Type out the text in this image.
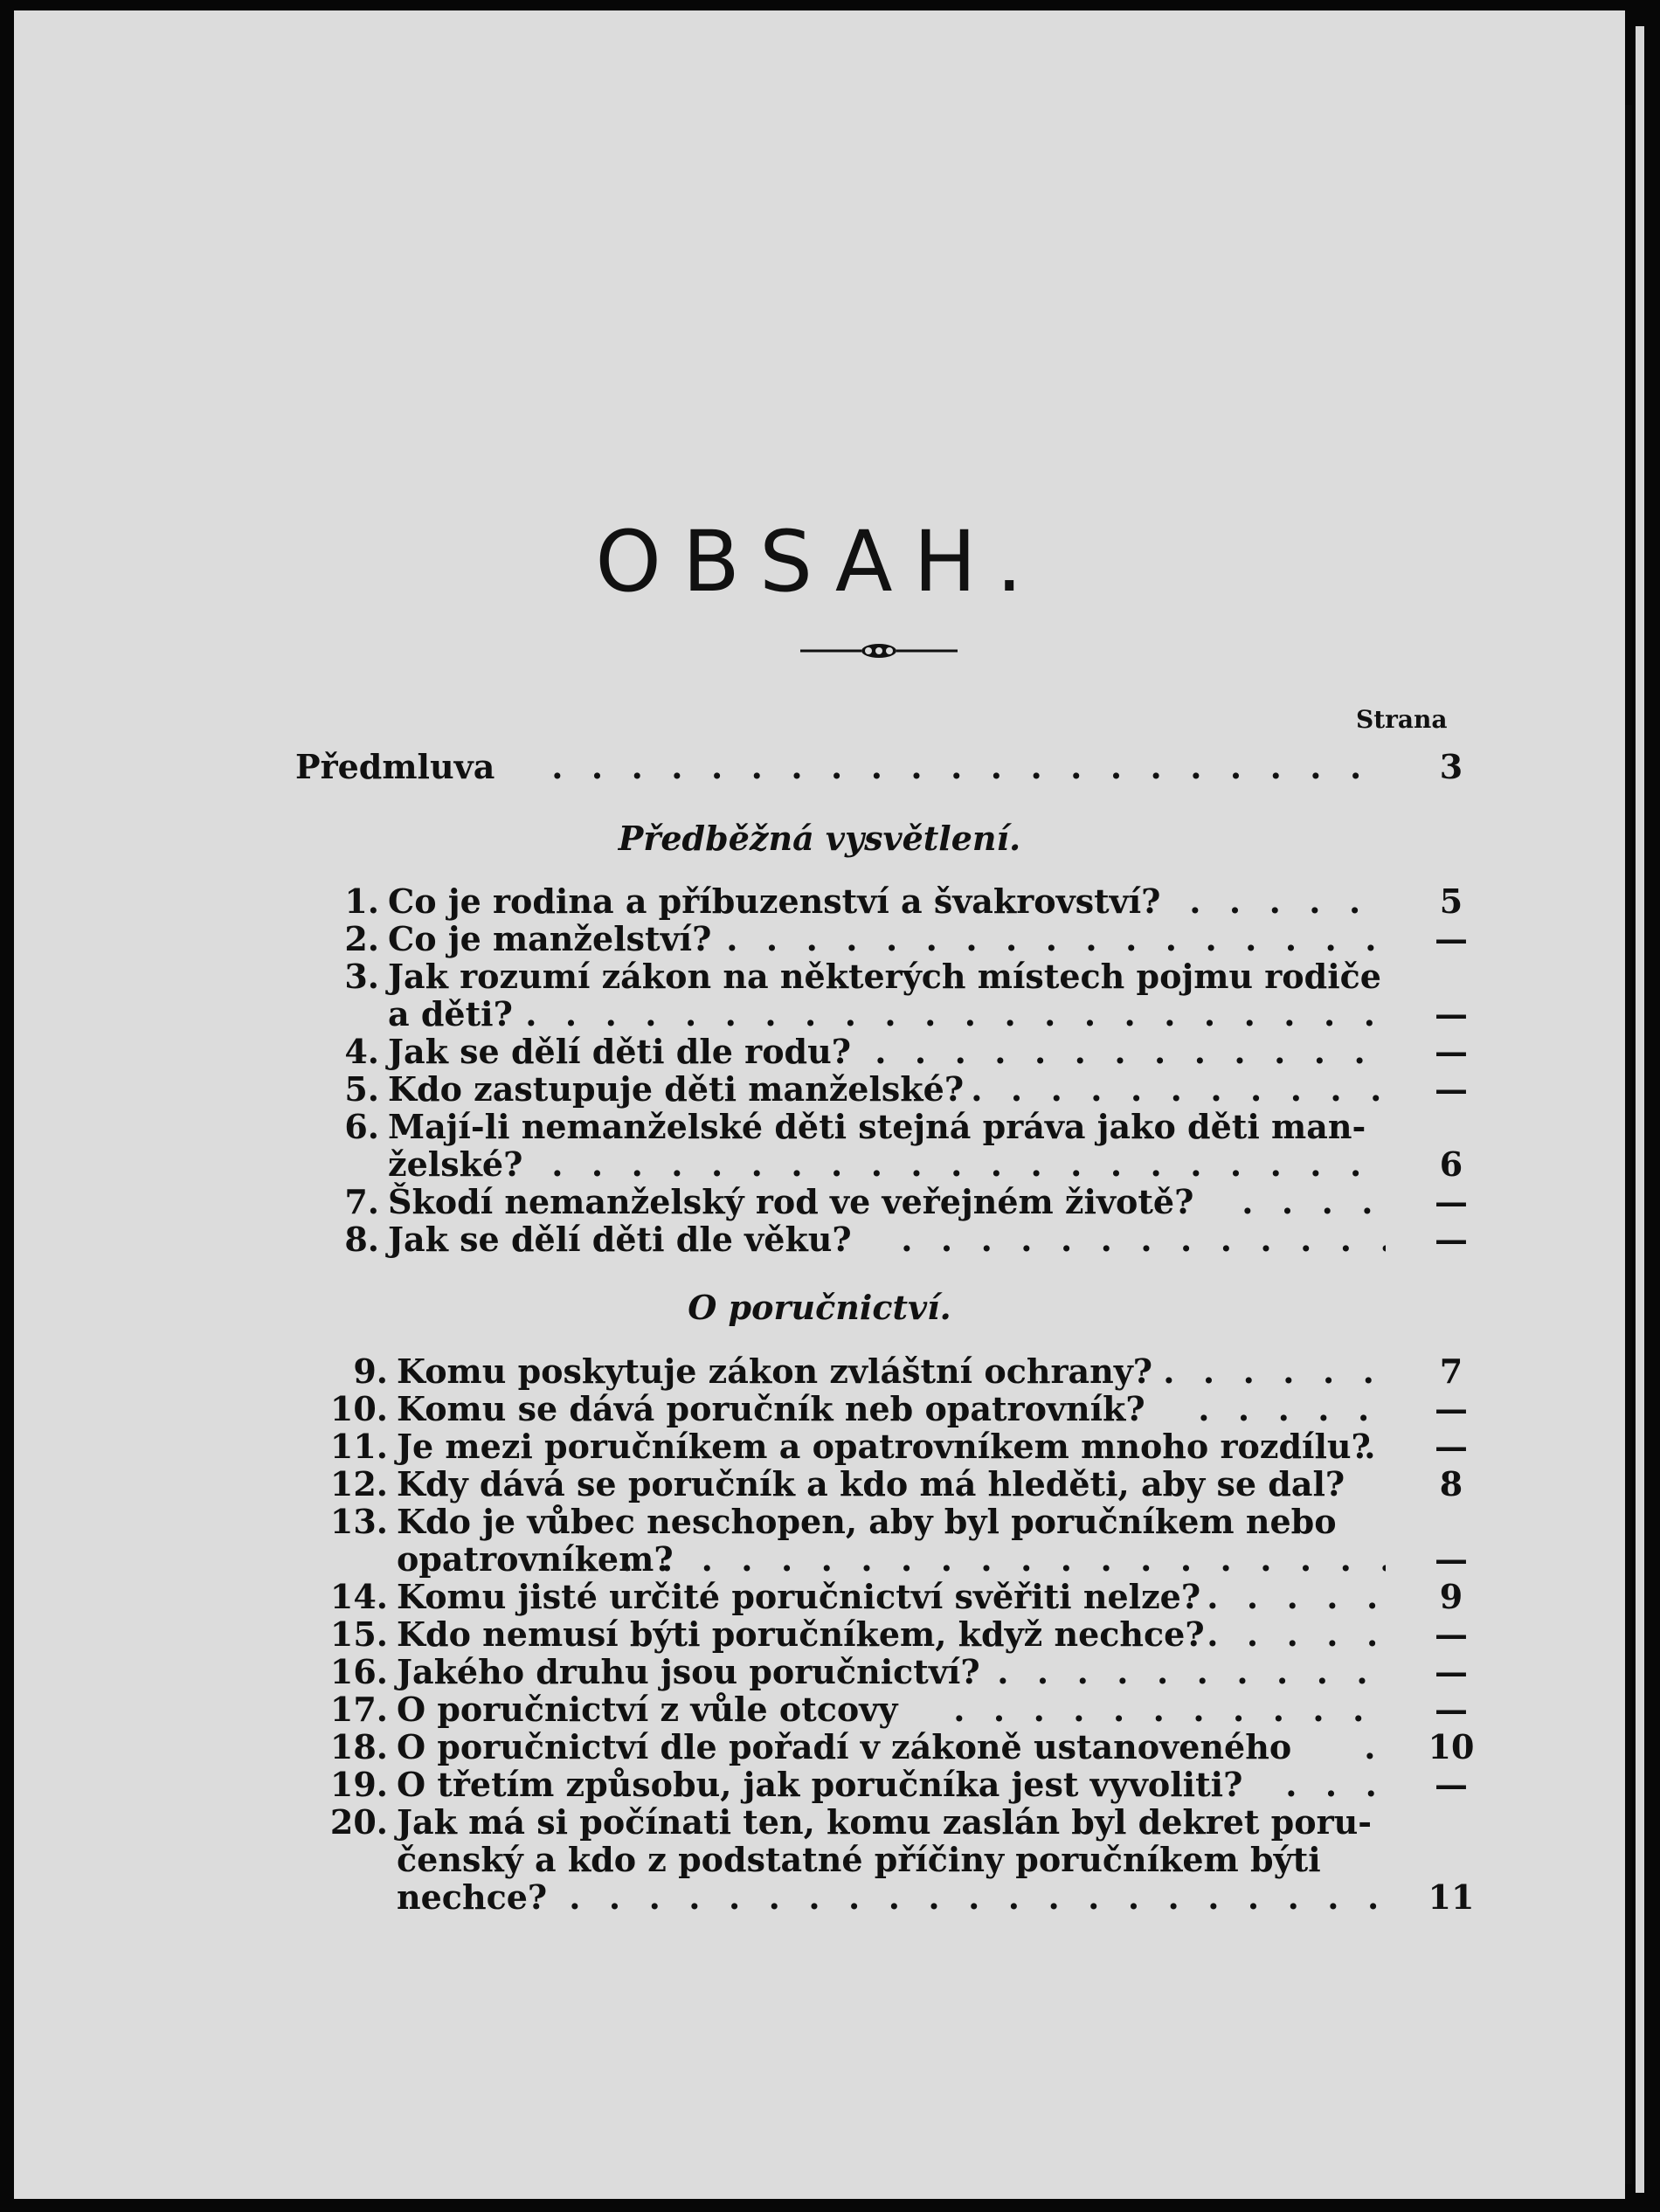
OBSAH.
Strana
Předmluva . .	3
Předběžná vysvětlení.
1. Co je rodina a příbuzenství a švakrovství? . .	5
2. Co je manželství? . .	—
3. Jak rozumí zákon na některých místech pojmu rodiče
a děti? . .	—
4. Jak se dělí děti dle rodu? . .	—
5. Kdo zastupuje děti manželské? . .	—
6. Mají-li nemanželské děti stejná práva jako děti man-
želské? . .	6
7. Škodí nemanželský rod ve veřejném životě? . .	—
8. Jak se dělí děti dle věku? . .	—
O poručnictví.
9. Komu poskytuje zákon zvláštní ochrany? . .	7
10. Komu se dává poručník neb opatrovník? . .	—
11. Je mezi poručníkem a opatrovníkem mnoho rozdílu? . .	—
12. Kdy dává se poručník a kdo má hleděti, aby se dal?	8
13. Kdo je vůbec neschopen, aby byl poručníkem nebo
opatrovníkem? . .	—
14. Komu jisté určité poručnictví svěřiti nelze? . .	9
15. Kdo nemusí býti poručníkem, když nechce? . .	—
16. Jakého druhu jsou poručnictví? . .	—
17. O poručnictví z vůle otcovy . .	—
18. O poručnictví dle pořadí v zákoně ustanoveného . .	10
19. O třetím způsobu, jak poručníka jest vyvoliti? . .	—
20. Jak má si počínati ten, komu zaslán byl dekret poru-
čenský a kdo z podstatné příčiny poručníkem býti
nechce? . .	11
